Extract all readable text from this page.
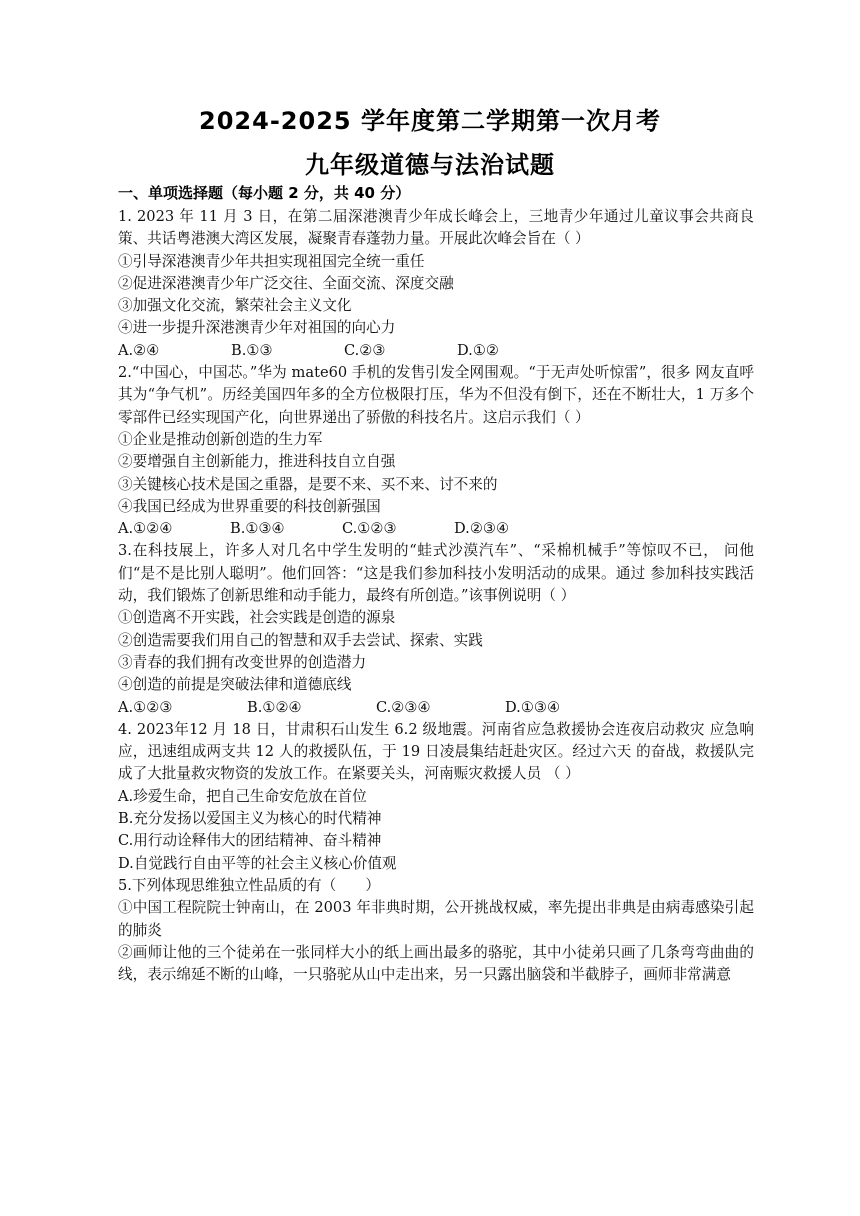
2024-2025 学年度第二学期第一次月考
九年级道德与法治试题
一、单项选择题（每小题 2 分，共 40 分）

1. 2023 年 11 月 3 日，在第二届深港澳青少年成长峰会上，三地青少年通过儿童议事会共商良策、共话粤港澳大湾区发展，凝聚青春蓬勃力量。开展此次峰会旨在（ ）

①引导深港澳青少年共担实现祖国完全统一重任

②促进深港澳青少年广泛交往、全面交流、深度交融

③加强文化交流，繁荣社会主义文化

④进一步提升深港澳青少年对祖国的向心力

A.②④	B.①③	C.②③	D.①②

2.“中国心，中国芯。”华为 mate60 手机的发售引发全网围观。“于无声处听惊雷”，很多 网友直呼其为“争气机”。历经美国四年多的全方位极限打压，华为不但没有倒下，还在不断壮大，1 万多个零部件已经实现国产化，向世界递出了骄傲的科技名片。这启示我们（ ）

①企业是推动创新创造的生力军

②要增强自主创新能力，推进科技自立自强

③关键核心技术是国之重器，是要不来、买不来、讨不来的

④我国已经成为世界重要的科技创新强国

A.①②④	B.①③④	C.①②③	D.②③④

3.在科技展上，许多人对几名中学生发明的“蛙式沙漠汽车”、“采棉机械手”等惊叹不已， 问他们“是不是比别人聪明”。他们回答：“这是我们参加科技小发明活动的成果。通过 参加科技实践活动，我们锻炼了创新思维和动手能力，最终有所创造。”该事例说明（ ）

①创造离不开实践，社会实践是创造的源泉

②创造需要我们用自己的智慧和双手去尝试、探索、实践

③青春的我们拥有改变世界的创造潜力

④创造的前提是突破法律和道德底线

A.①②③	B.①②④	C.②③④	D.①③④

4. 2023年12 月 18 日，甘肃积石山发生 6.2 级地震。河南省应急救援协会连夜启动救灾 应急响应，迅速组成两支共 12 人的救援队伍，于 19 日凌晨集结赶赴灾区。经过六天 的奋战，救援队完成了大批量救灾物资的发放工作。在紧要关头，河南赈灾救援人员 （ ）

A.珍爱生命，把自己生命安危放在首位

B.充分发扬以爱国主义为核心的时代精神

C.用行动诠释伟大的团结精神、奋斗精神

D.自觉践行自由平等的社会主义核心价值观

5.下列体现思维独立性品质的有（　　）

①中国工程院院士钟南山，在 2003 年非典时期，公开挑战权威，率先提出非典是由病毒感染引起的肺炎

②画师让他的三个徒弟在一张同样大小的纸上画出最多的骆驼，其中小徒弟只画了几条弯弯曲曲的线，表示绵延不断的山峰，一只骆驼从山中走出来，另一只露出脑袋和半截脖子，画师非常满意
